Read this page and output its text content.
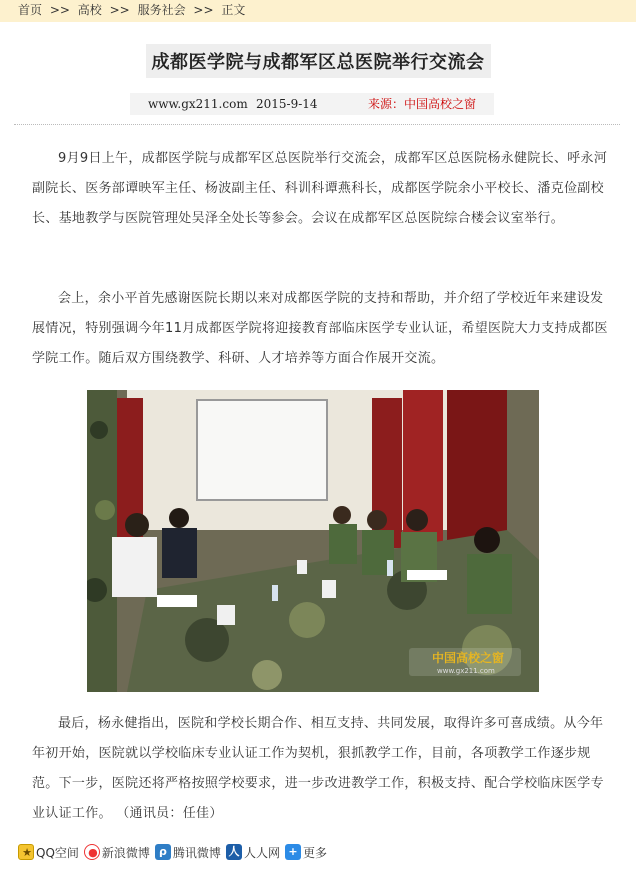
首页 >> 高校 >> 服务社会 >> 正文
成都医学院与成都军区总医院举行交流会
www.gx211.com 2015-9-14	来源：中国高校之窗

9月9日上午，成都医学院与成都军区总医院举行交流会，成都军区总医院杨永健院长、呼永河副院长、医务部谭映军主任、杨波副主任、科训科谭燕科长，成都医学院余小平校长、潘克俭副校长、基地教学与医院管理处吴泽全处长等参会。会议在成都军区总医院综合楼会议室举行。

会上，余小平首先感谢医院长期以来对成都医学院的支持和帮助，并介绍了学校近年来建设发展情况，特别强调今年11月成都医学院将迎接教育部临床医学专业认证，希望医院大力支持成都医学院工作。随后双方围绕教学、科研、人才培养等方面合作展开交流。

中国高校之窗
www.gx211.com

最后，杨永健指出，医院和学校长期合作、相互支持、共同发展，取得许多可喜成绩。从今年年初开始，医院就以学校临床专业认证工作为契机，狠抓教学工作，目前，各项教学工作逐步规范。下一步，医院还将严格按照学校要求，进一步改进教学工作，积极支持、配合学校临床医学专业认证工作。 （通讯员：任佳）

★ QQ空间 ● 新浪微博 ρ 腾讯微博 人 人人网 + 更多
